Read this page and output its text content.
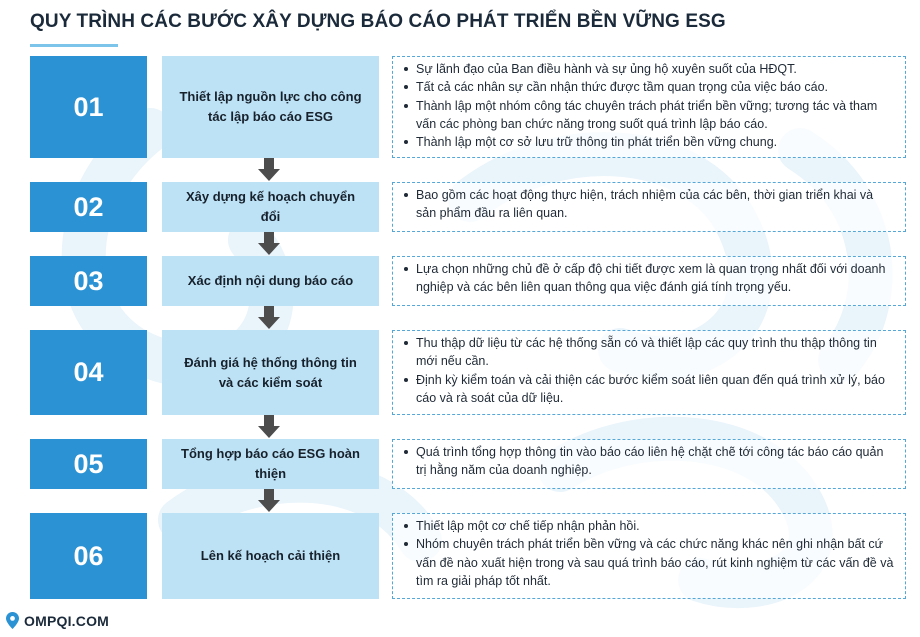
QUY TRÌNH CÁC BƯỚC XÂY DỰNG BÁO CÁO PHÁT TRIỂN BỀN VỮNG ESG
01	Thiết lập nguồn lực cho công tác lập báo cáo ESG
Sự lãnh đạo của Ban điều hành và sự ủng hộ xuyên suốt của HĐQT.
Tất cả các nhân sự cần nhận thức được tầm quan trọng của việc báo cáo.
Thành lập một nhóm công tác chuyên trách phát triển bền vững; tương tác và tham vấn các phòng ban chức năng trong suốt quá trình lập báo cáo.
Thành lập một cơ sở lưu trữ thông tin phát triển bền vững chung.
02	Xây dựng kế hoạch chuyển đổi
Bao gồm các hoạt động thực hiện, trách nhiệm của các bên, thời gian triển khai và sản phẩm đầu ra liên quan.
03	Xác định nội dung báo cáo
Lựa chọn những chủ đề ở cấp độ chi tiết được xem là quan trọng nhất đối với doanh nghiệp và các bên liên quan thông qua việc đánh giá tính trọng yếu.
04	Đánh giá hệ thống thông tin và các kiểm soát
Thu thập dữ liệu từ các hệ thống sẵn có và thiết lập các quy trình thu thập thông tin mới nếu cần.
Định kỳ kiểm toán và cải thiện các bước kiểm soát liên quan đến quá trình xử lý, báo cáo và rà soát của dữ liệu.
05	Tổng hợp báo cáo ESG hoàn thiện
Quá trình tổng hợp thông tin vào báo cáo liên hệ chặt chẽ tới công tác báo cáo quản trị hằng năm của doanh nghiệp.
06	Lên kế hoạch cải thiện
Thiết lập một cơ chế tiếp nhận phản hồi.
Nhóm chuyên trách phát triển bền vững và các chức năng khác nên ghi nhận bất cứ vấn đề nào xuất hiện trong và sau quá trình báo cáo, rút kinh nghiệm từ các vấn đề và tìm ra giải pháp tốt nhất.
OMPQI.COM
